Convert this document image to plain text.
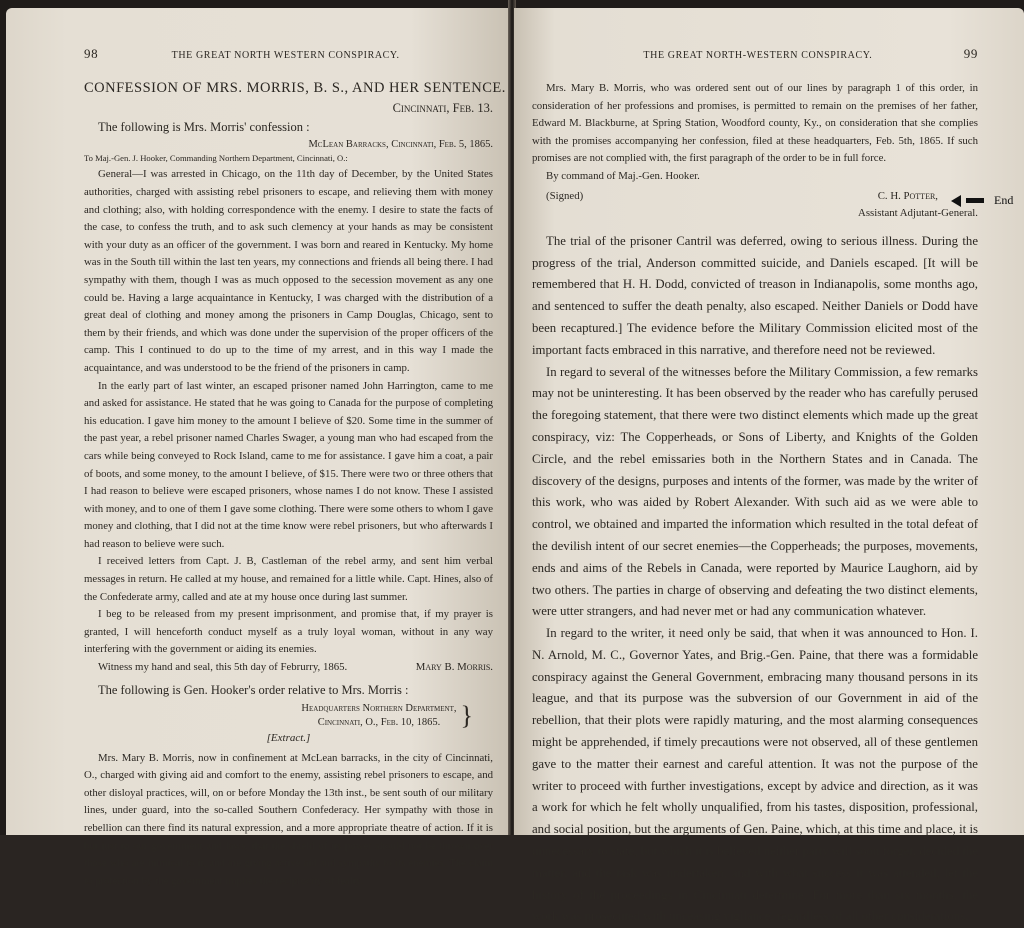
98	THE GREAT NORTH WESTERN CONSPIRACY.
CONFESSION OF MRS. MORRIS, B. S., AND HER SENTENCE.
Cincinnati, Feb. 13.
The following is Mrs. Morris' confession :
McLean Barracks, Cincinnati, Feb. 5, 1865.
To Maj.-Gen. J. Hooker, Commanding Northern Department, Cincinnati, O.:

General—I was arrested in Chicago, on the 11th day of December, by the United States authorities, charged with assisting rebel prisoners to escape, and relieving them with money and clothing; also, with holding correspondence with the enemy. I desire to state the facts of the case, to confess the truth, and to ask such clemency at your hands as may be consistent with your duty as an officer of the government. I was born and reared in Kentucky. My home was in the South till within the last ten years, my connections and friends all being there. I had sympathy with them, though I was as much opposed to the secession movement as any one could be. Having a large acquaintance in Kentucky, I was charged with the distribution of a great deal of clothing and money among the prisoners in Camp Douglas, Chicago, sent to them by their friends, and which was done under the supervision of the proper officers of the camp. This I continued to do up to the time of my arrest, and in this way I made the acquaintance, and was understood to be the friend of the prisoners in camp.

In the early part of last winter, an escaped prisoner named John Harrington, came to me and asked for assistance. He stated that he was going to Canada for the purpose of completing his education. I gave him money to the amount I believe of $20. Some time in the summer of the past year, a rebel prisoner named Charles Swager, a young man who had escaped from the cars while being conveyed to Rock Island, came to me for assistance. I gave him a coat, a pair of boots, and some money, to the amount I believe, of $15. There were two or three others that I had reason to believe were escaped prisoners, whose names I do not know. These I assisted with money, and to one of them I gave some clothing. There were some others to whom I gave money and clothing, that I did not at the time know were rebel prisoners, but who afterwards I had reason to believe were such.

I received letters from Capt. J. B, Castleman of the rebel army, and sent him verbal messages in return. He called at my house, and remained for a little while. Capt. Hines, also of the Confederate army, called and ate at my house once during last summer.

I beg to be released from my present imprisonment, and promise that, if my prayer is granted, I will henceforth conduct myself as a truly loyal woman, without in any way interfering with the government or aiding its enemies.

Witness my hand and seal, this 5th day of Februrry, 1865.	Mary B. Morris.
The following is Gen. Hooker's order relative to Mrs. Morris :
Headquarters Northern Department,
Cincinnati, O., Feb. 10, 1865. }
[Extract.]

Mrs. Mary B. Morris, now in confinement at McLean barracks, in the city of Cincinnati, O., charged with giving aid and comfort to the enemy, assisting rebel prisoners to escape, and other disloyal practices, will, on or before Monday the 13th inst., be sent south of our military lines, under guard, into the so-called Southern Confederacy. Her sympathy with those in rebellion can there find its natural expression, and a more appropriate theatre of action. If it is but just to our government and laws, that the shield of its power should not be thrown over those who are inimical to it, and are giving active aid and sympathy to its enemies. The claim to protection by the government implies the reciprocity of fealty.

THE GREAT NORTH-WESTERN CONSPIRACY.	99

Mrs. Mary B. Morris, who was ordered sent out of our lines by paragraph 1 of this order, in consideration of her professions and promises, is permitted to remain on the premises of her father, Edward M. Blackburne, at Spring Station, Woodford county, Ky., on consideration that she complies with the promises accompanying her confession, filed at these headquarters, Feb. 5th, 1865. If such promises are not complied with, the first paragraph of the order to be in full force.

By command of Maj.-Gen. Hooker.
(Signed)	C. H. Potter,
Assistant Adjutant-General.

The trial of the prisoner Cantril was deferred, owing to serious illness. During the progress of the trial, Anderson committed suicide, and Daniels escaped. [It will be remembered that H. H. Dodd, convicted of treason in Indianapolis, some months ago, and sentenced to suffer the death penalty, also escaped. Neither Daniels or Dodd have been recaptured.] The evidence before the Military Commission elicited most of the important facts embraced in this narrative, and therefore need not be reviewed.

In regard to several of the witnesses before the Military Commission, a few remarks may not be uninteresting. It has been observed by the reader who has carefully perused the foregoing statement, that there were two distinct elements which made up the great conspiracy, viz: The Copperheads, or Sons of Liberty, and Knights of the Golden Circle, and the rebel emissaries both in the Northern States and in Canada. The discovery of the designs, purposes and intents of the former, was made by the writer of this work, who was aided by Robert Alexander. With such aid as we were able to control, we obtained and imparted the information which resulted in the total defeat of the devilish intent of our secret enemies—the Copperheads; the purposes, movements, ends and aims of the Rebels in Canada, were reported by Maurice Laughorn, aid by two others. The parties in charge of observing and defeating the two distinct elements, were utter strangers, and had never met or had any communication whatever.

In regard to the writer, it need only be said, that when it was announced to Hon. I. N. Arnold, M. C., Governor Yates, and Brig.-Gen. Paine, that there was a formidable conspiracy against the General Government, embracing many thousand persons in its league, and that its purpose was the subversion of our Government in aid of the rebellion, that their plots were rapidly maturing, and the most alarming consequences might be apprehended, if timely precautions were not observed, all of these gentlemen gave to the matter their earnest and careful attention. It was not the purpose of the writer to proceed with further investigations, except by advice and direction, as it was a work for which he felt wholly unqualified, from his tastes, disposition, professional, and social position, but the arguments of Gen. Paine, which, at this time and place, it is unnecessary to state, but which it is believed neither party will soon forget, decided the matter, and the task was undertaken, and with what success it was attended, let the history of the proceedings in Cincinnati determine. For more than six months, the work was prosecuted with unceasing vigilance, regardless of all other considerations,

End
